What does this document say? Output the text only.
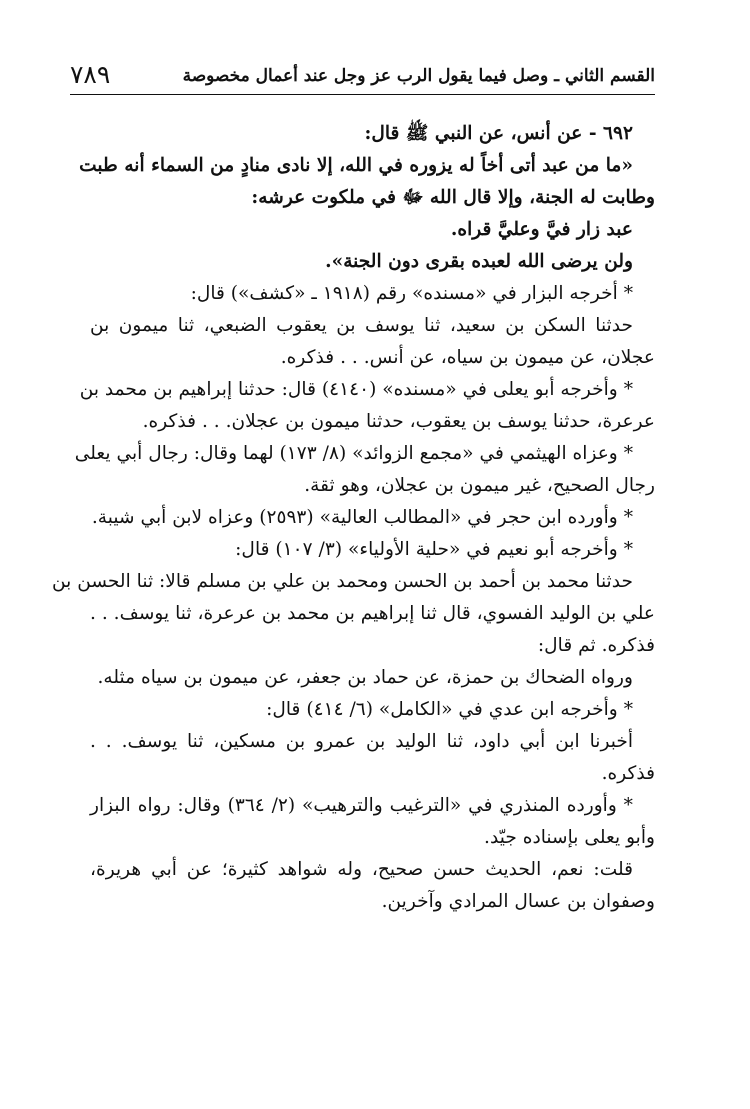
٧٨٩	القسم الثاني ـ وصل فيما يقول الرب عز وجل عند أعمال مخصوصة
٦٩٢ - عن أنس، عن النبي ﷺ قال:
«ما من عبد أتى أخاً له يزوره في الله، إلا نادى منادٍ من السماء أنه طبت
وطابت له الجنة، وإلا قال الله ﷻ في ملكوت عرشه:
عبد زار فيَّ وعليَّ قراه.
ولن يرضى الله لعبده بقرى دون الجنة».
* أخرجه البزار في «مسنده» رقم (١٩١٨ ـ «كشف») قال:
حدثنا السكن بن سعيد، ثنا يوسف بن يعقوب الضبعي، ثنا ميمون بن
عجلان، عن ميمون بن سياه، عن أنس. . . فذكره.
* وأخرجه أبو يعلى في «مسنده» (٤١٤٠) قال: حدثنا إبراهيم بن محمد بن
عرعرة، حدثنا يوسف بن يعقوب، حدثنا ميمون بن عجلان. . . فذكره.
* وعزاه الهيثمي في «مجمع الزوائد» (٨/ ١٧٣) لهما وقال: رجال أبي يعلى
رجال الصحيح، غير ميمون بن عجلان، وهو ثقة.
* وأورده ابن حجر في «المطالب العالية» (٢٥٩٣) وعزاه لابن أبي شيبة.
* وأخرجه أبو نعيم في «حلية الأولياء» (٣/ ١٠٧) قال:
حدثنا محمد بن أحمد بن الحسن ومحمد بن علي بن مسلم قالا: ثنا الحسن بن
علي بن الوليد الفسوي، قال ثنا إبراهيم بن محمد بن عرعرة، ثنا يوسف. . .
فذكره. ثم قال:
ورواه الضحاك بن حمزة، عن حماد بن جعفر، عن ميمون بن سياه مثله.
* وأخرجه ابن عدي في «الكامل» (٦/ ٤١٤) قال:
أخبرنا ابن أبي داود، ثنا الوليد بن عمرو بن مسكين، ثنا يوسف. . .
فذكره.
* وأورده المنذري في «الترغيب والترهيب» (٢/ ٣٦٤) وقال: رواه البزار
وأبو يعلى بإسناده جيّد.
قلت: نعم، الحديث حسن صحيح، وله شواهد كثيرة؛ عن أبي هريرة،
وصفوان بن عسال المرادي وآخرين.
